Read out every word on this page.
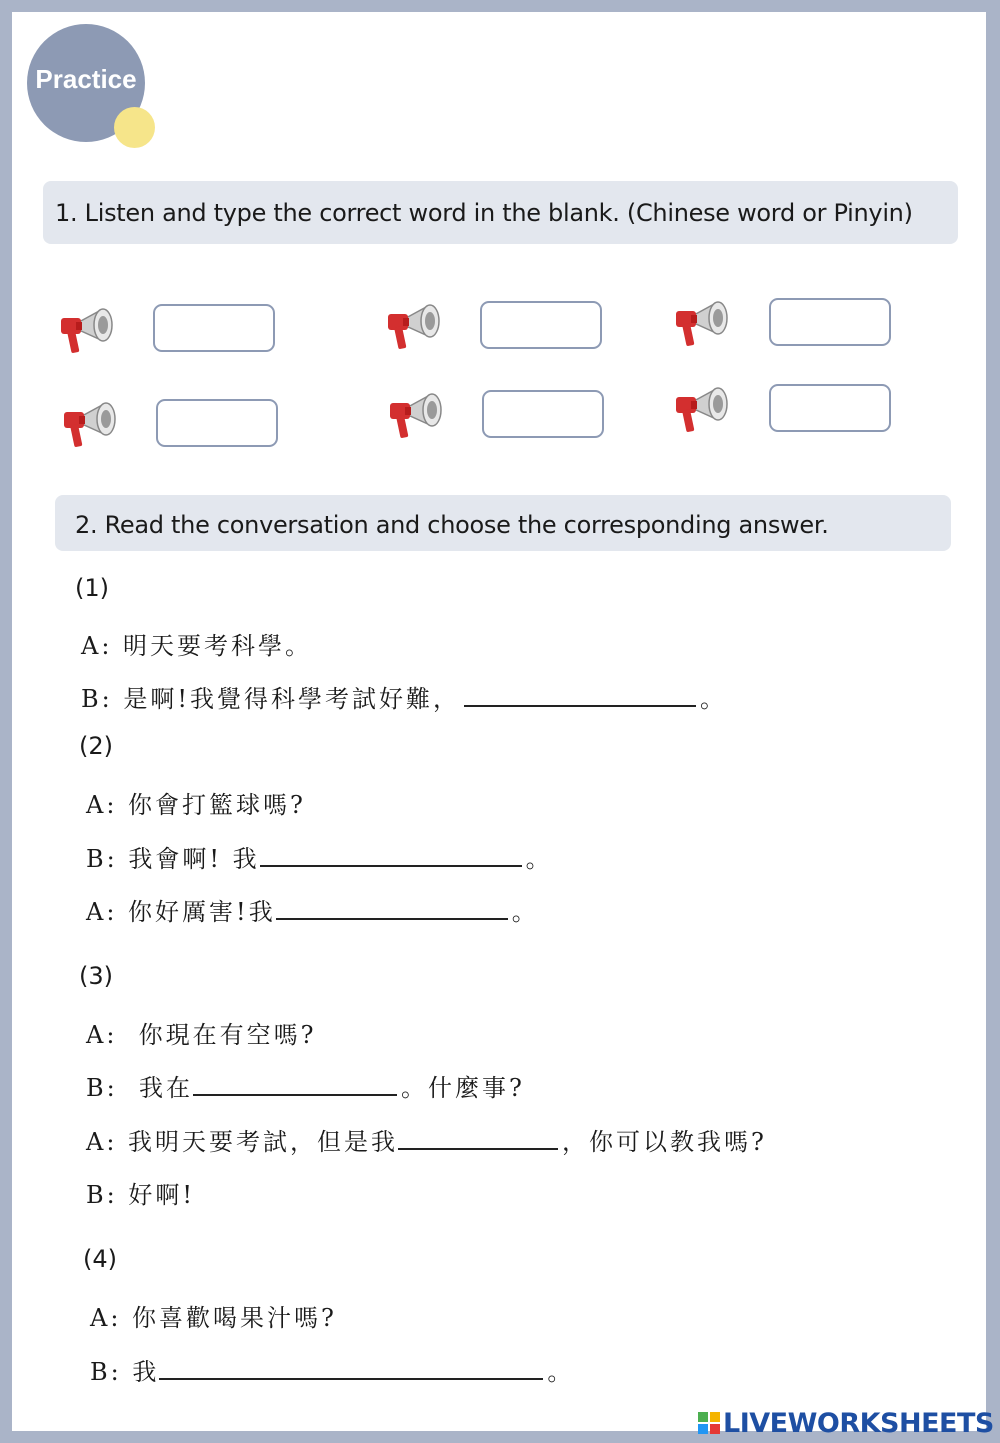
Practice
1. Listen and type the correct word in the blank. (Chinese word or Pinyin)
2. Read the conversation and choose the corresponding answer.
(1)
A: 明天要考科學。
B: 是啊!我覺得科學考試好難，	。
(2)
A: 你會打籃球嗎?
B: 我會啊! 我	。
A: 你好厲害!我	。
(3)
A:  你現在有空嗎?
B:  我在	。什麼事?
A: 我明天要考試，但是我	，你可以教我嗎?
B: 好啊!
(4)
A: 你喜歡喝果汁嗎?
B: 我	。
LIVEWORKSHEETS
